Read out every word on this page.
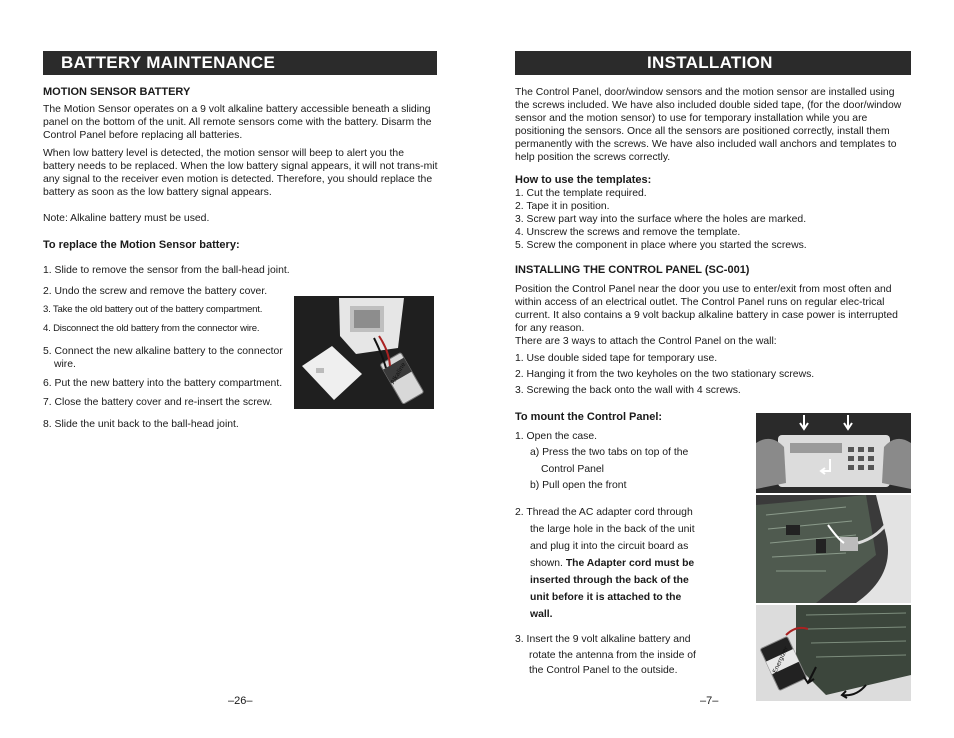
BATTERY MAINTENANCE

MOTION SENSOR BATTERY

The Motion Sensor operates on a 9 volt alkaline battery accessible beneath a sliding panel on the bottom of the unit. All remote sensors come with the battery. Disarm the Control Panel before replacing all batteries.

When low battery level is detected, the motion sensor will beep to alert you the battery needs to be replaced. When the low battery signal appears, it will not trans-mit any signal to the receiver even motion is detected. Therefore, you should replace the battery as soon as the low battery signal appears.

Note: Alkaline battery must be used.

To replace the Motion Sensor battery:

1. Slide to remove the sensor from the ball-head joint.

2. Undo the screw and remove the battery cover.

3. Take the old battery out of the battery compartment.

4. Disconnect the old battery from the connector wire.

5. Connect the new alkaline battery to the connector

wire.

6. Put the new battery into the battery compartment.

7. Close the battery cover and re-insert the screw.

8. Slide the unit back to the ball-head joint.

Alkaline
–26–
INSTALLATION

The Control Panel, door/window sensors and the motion sensor are installed using the screws included. We have also included double sided tape, (for the door/window sensor and the motion sensor) to use for temporary installation while you are positioning the sensors. Once all the sensors are positioned correctly, install them permanently with the screws. We have also included wall anchors and templates to help position the screws correctly.

How to use the templates:

1. Cut the template required.

2. Tape it in position.

3. Screw part way into the surface where the holes are marked.

4. Unscrew the screws and remove the template.

5. Screw the component in place where you started the screws.

INSTALLING THE CONTROL PANEL (SC-001)

Position the Control Panel near the door you use to enter/exit from most often and within access of an electrical outlet. The Control Panel runs on regular elec-trical current. It also contains a 9 volt backup alkaline battery in case power is interrupted for any reason.

There are 3 ways to attach the Control Panel on the wall:

1. Use double sided tape for temporary use.

2. Hanging it from the two keyholes on the two stationary screws.

3. Screwing the back onto the wall with 4 screws.

To mount the Control Panel:

1. Open the case.

a) Press the two tabs on top of the

Control Panel

b) Pull open the front

2. Thread the AC adapter cord through

the large hole in the back of the unit

and plug it into the circuit board as

shown. The Adapter cord must be

inserted through the back of the

unit before it is attached to the

wall.

3. Insert the 9 volt alkaline battery and

rotate the antenna from the inside of

the Control Panel to the outside.	Energizer
–7–
